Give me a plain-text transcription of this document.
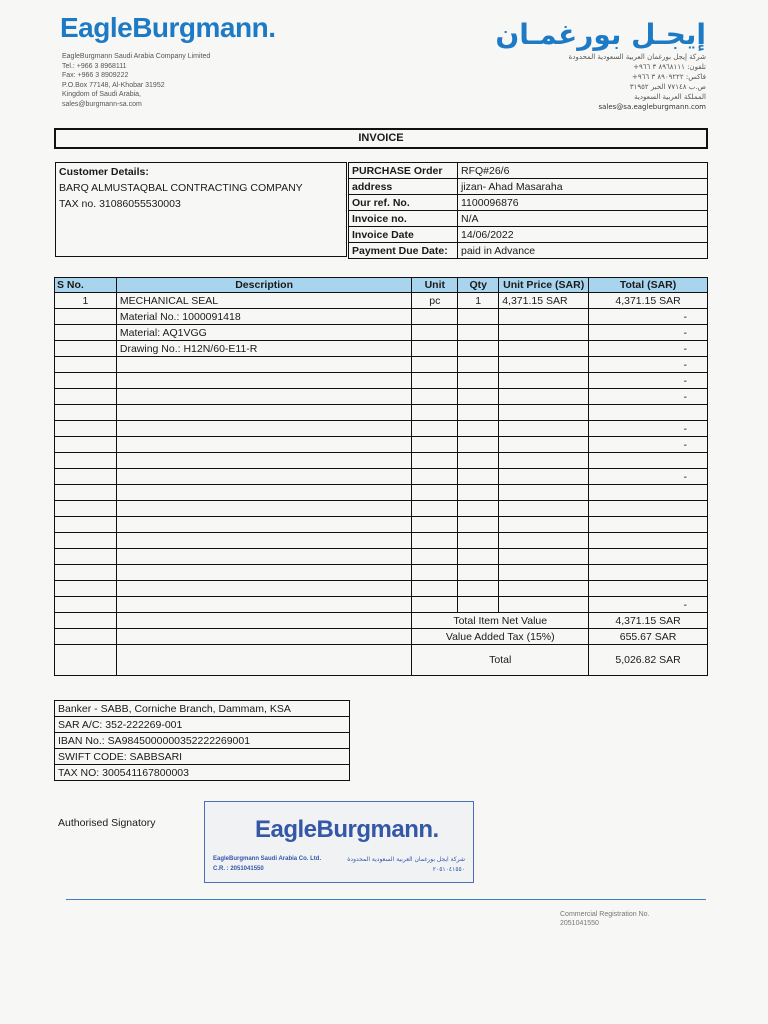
EagleBurgmann.	إيجـل بورغمـان
EagleBurgmann Saudi Arabia Company Limited
Tel.: +966 3 8968111
Fax: +966 3 8909222
P.O.Box 77148, Al-Khobar 31952
Kingdom of Saudi Arabia,
sales@burgmann-sa.com
شركة إيجل بورغمان العربية السعودية المحدودة
تلفون: ٨٩٦٨١١١ ٣ ٩٦٦+
فاكس: ٨٩٠٩٢٢٢ ٣ ٩٦٦+
ص.ب ٧٧١٤٨ الخبر ٣١٩٥٢
المملكة العربية السعودية
sales@sa.eagleburgmann.com
INVOICE
Customer Details:
BARQ ALMUSTAQBAL CONTRACTING COMPANY
TAX no. 31086055530003
PURCHASE Order	RFQ#26/6
address	jizan- Ahad Masaraha
Our ref. No.	1100096876
Invoice no.	N/A
Invoice Date	14/06/2022
Payment Due Date:	paid in Advance
S No.	Description	Unit	Qty	Unit Price (SAR)	Total (SAR)
1	MECHANICAL SEAL	pc	1	4,371.15 SAR	4,371.15 SAR
	Material No.: 1000091418				-
	Material: AQ1VGG				-
	Drawing No.: H12N/60-E11-R				-
					-
					-
					-

					-
					-

					-

					-
		Total Item Net Value			4,371.15 SAR
		Value Added Tax (15%)			655.67 SAR
		Total			5,026.82 SAR
Banker - SABB, Corniche Branch, Dammam, KSA
SAR A/C: 352-222269-001
IBAN No.: SA9845000000352222269001
SWIFT CODE: SABBSARI
TAX NO: 300541167800003
Authorised Signatory	EagleBurgmann.
EagleBurgmann Saudi Arabia Co. Ltd.
C.R. : 2051041550
شركة ايجل بورغمان العربية السعودية المحدودة
٢٠٥١٠٤١٥٥٠
Commercial Registration No.
2051041550
